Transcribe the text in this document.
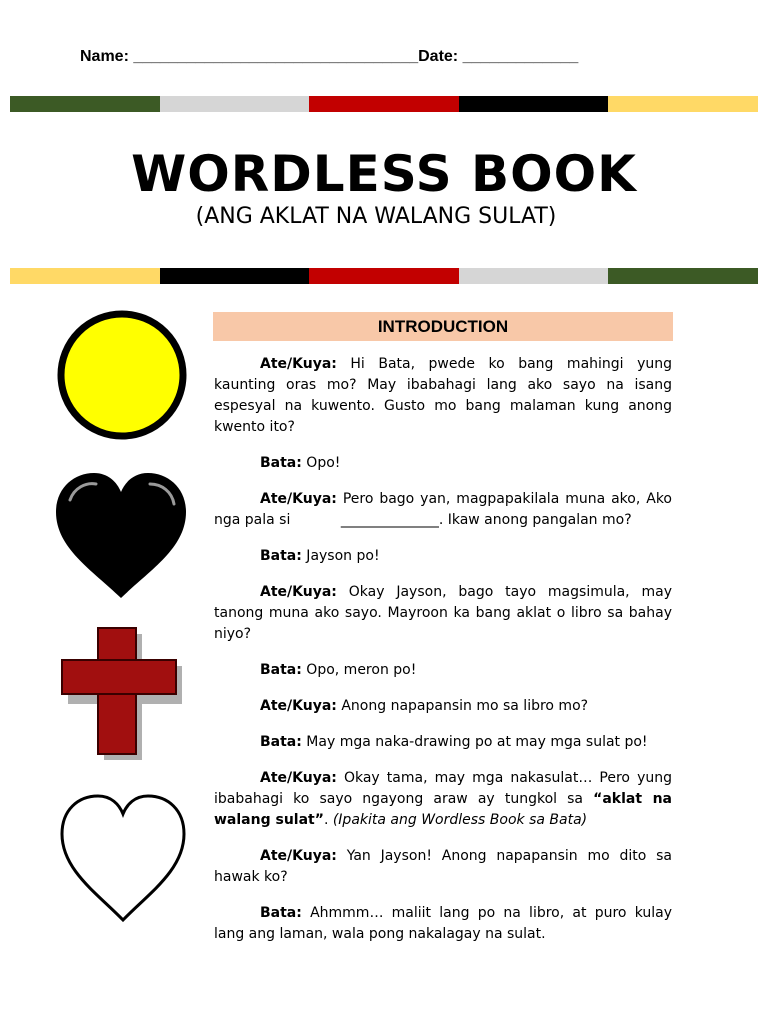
Name: ________________________________Date: _____________
WORDLESS BOOK
(ANG AKLAT NA WALANG SULAT)
INTRODUCTION

Ate/Kuya: Hi Bata, pwede ko bang mahingi yung kaunting oras mo? May ibabahagi lang ako sayo na isang espesyal na kuwento. Gusto mo bang malaman kung anong kwento ito?

Bata: Opo!

Ate/Kuya: Pero bago yan, magpapakilala muna ako, Ako nga pala si	______________. Ikaw anong pangalan mo?

Bata: Jayson po!

Ate/Kuya: Okay Jayson, bago tayo magsimula, may tanong muna ako sayo. Mayroon ka bang aklat o libro sa bahay niyo?

Bata: Opo, meron po!

Ate/Kuya: Anong napapansin mo sa libro mo?

Bata: May mga naka-drawing po at may mga sulat po!

Ate/Kuya: Okay tama, may mga nakasulat… Pero yung ibabahagi ko sayo ngayong araw ay tungkol sa “aklat na walang sulat”. (Ipakita ang Wordless Book sa Bata)

Ate/Kuya: Yan Jayson! Anong napapansin mo dito sa hawak ko?

Bata: Ahmmm… maliit lang po na libro, at puro kulay lang ang laman, wala pong nakalagay na sulat.
